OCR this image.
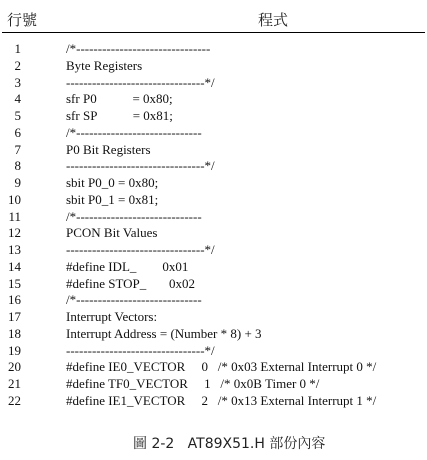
行號	程式
1	/*-------------------------------
2	Byte Registers
3	--------------------------------*/
4	sfr P0           = 0x80;
5	sfr SP           = 0x81;
6	/*-----------------------------
7	P0 Bit Registers
8	--------------------------------*/
9	sbit P0_0 = 0x80;
10	sbit P0_1 = 0x81;
11	/*-----------------------------
12	PCON Bit Values
13	--------------------------------*/
14	#define IDL_        0x01
15	#define STOP_       0x02
16	/*-----------------------------
17	Interrupt Vectors:
18	Interrupt Address = (Number * 8) + 3
19	--------------------------------*/
20	#define IE0_VECTOR     0   /* 0x03 External Interrupt 0 */
21	#define TF0_VECTOR     1   /* 0x0B Timer 0 */
22	#define IE1_VECTOR     2   /* 0x13 External Interrupt 1 */
圖 2-2   AT89X51.H 部份內容
